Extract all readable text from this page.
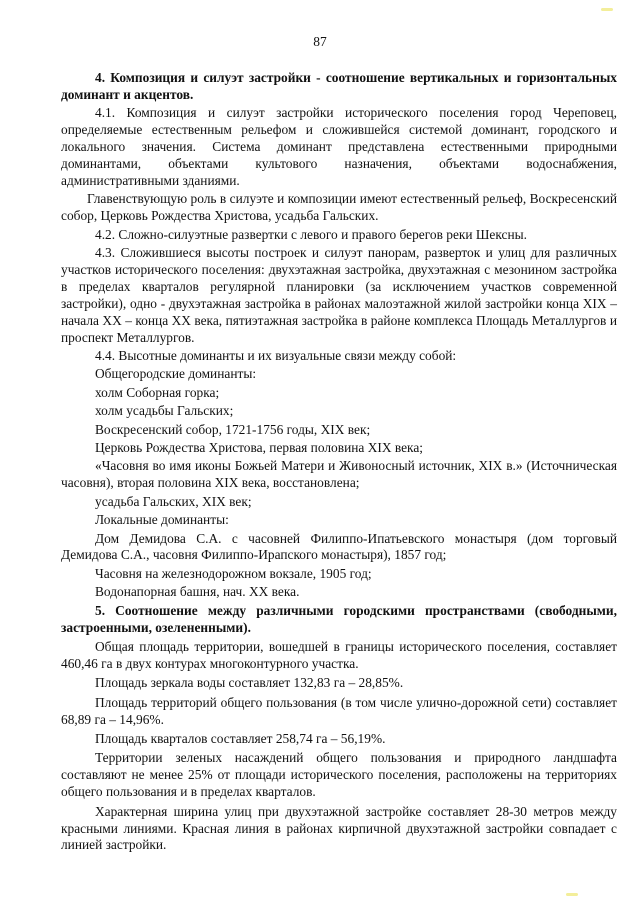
87

4. Композиция и силуэт застройки - соотношение вертикальных и горизонтальных доминант и акцентов.

4.1. Композиция и силуэт застройки исторического поселения город Череповец, определяемые естественным рельефом и сложившейся системой доминант, городского и локального значения. Система доминант представлена естественными природными доминантами, объектами культового назначения, объектами водоснабжения, административными зданиями.

Главенствующую роль в силуэте и композиции имеют естественный рельеф, Воскресенский собор, Церковь Рождества Христова, усадьба Гальских.

4.2. Сложно-силуэтные развертки с левого и правого берегов реки Шексны.

4.3. Сложившиеся высоты построек и силуэт панорам, разверток и улиц для различных участков исторического поселения: двухэтажная застройка, двухэтажная с мезонином застройка в пределах кварталов регулярной планировки (за исключением участков современной застройки), одно - двухэтажная застройка в районах малоэтажной жилой застройки конца XIX – начала XX – конца XX века, пятиэтажная застройка в районе комплекса Площадь Металлургов и проспект Металлургов.

4.4. Высотные доминанты и их визуальные связи между собой:

Общегородские доминанты:

холм Соборная горка;

холм усадьбы Гальских;

Воскресенский собор, 1721-1756 годы, XIX век;

Церковь Рождества Христова, первая половина XIX века;

«Часовня во имя иконы Божьей Матери и Живоносный источник, XIX в.» (Источническая часовня), вторая половина XIX века, восстановлена;

усадьба Гальских, XIX век;

Локальные доминанты:

Дом Демидова С.А. с часовней Филиппо-Ипатьевского монастыря (дом торговый Демидова С.А., часовня Филиппо-Ирапского монастыря), 1857 год;

Часовня на железнодорожном вокзале, 1905 год;

Водонапорная башня, нач. XX века.

5. Соотношение между различными городскими пространствами (свободными, застроенными, озелененными).

Общая площадь территории, вошедшей в границы исторического поселения, составляет 460,46 га в двух контурах многоконтурного участка.

Площадь зеркала воды составляет 132,83 га – 28,85%.

Площадь территорий общего пользования (в том числе улично-дорожной сети) составляет 68,89 га – 14,96%.

Площадь кварталов составляет 258,74 га – 56,19%.

Территории зеленых насаждений общего пользования и природного ландшафта составляют не менее 25% от площади исторического поселения, расположены на территориях общего пользования и в пределах кварталов.

Характерная ширина улиц при двухэтажной застройке составляет 28-30 метров между красными линиями. Красная линия в районах кирпичной двухэтажной застройки совпадает с линией застройки.
